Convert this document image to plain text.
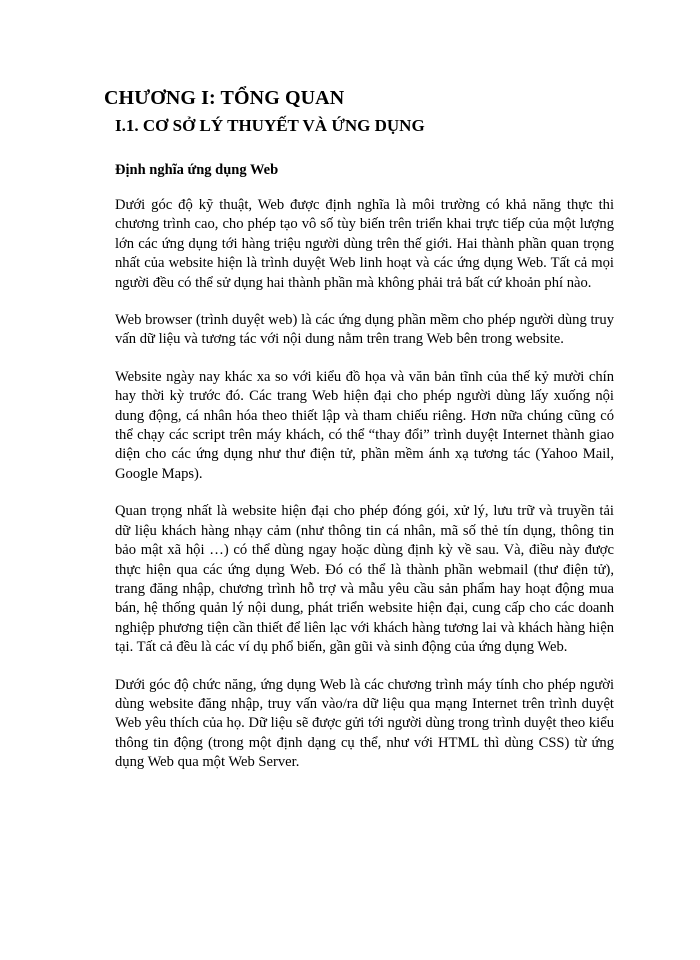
CHƯƠNG I: TỔNG QUAN
I.1. CƠ SỞ LÝ THUYẾT VÀ ỨNG DỤNG
Định nghĩa ứng dụng Web

Dưới góc độ kỹ thuật, Web được định nghĩa là môi trường có khả năng thực thi chương trình cao, cho phép tạo vô số tùy biến trên triển khai trực tiếp của một lượng lớn các ứng dụng tới hàng triệu người dùng trên thế giới. Hai thành phần quan trọng nhất của website hiện là trình duyệt Web linh hoạt và các ứng dụng Web. Tất cả mọi người đều có thể sử dụng hai thành phần mà không phải trả bất cứ khoản phí nào.

Web browser (trình duyệt web) là các ứng dụng phần mềm cho phép người dùng truy vấn dữ liệu và tương tác với nội dung nằm trên trang Web bên trong website.

Website ngày nay khác xa so với kiểu đồ họa và văn bản tĩnh của thế kỷ mười chín hay thời kỳ trước đó. Các trang Web hiện đại cho phép người dùng lấy xuống nội dung động, cá nhân hóa theo thiết lập và tham chiếu riêng. Hơn nữa chúng cũng có thể chạy các script trên máy khách, có thể “thay đổi” trình duyệt Internet thành giao diện cho các ứng dụng như thư điện tử, phần mềm ánh xạ tương tác (Yahoo Mail, Google Maps).

Quan trọng nhất là website hiện đại cho phép đóng gói, xử lý, lưu trữ và truyền tải dữ liệu khách hàng nhạy cảm (như thông tin cá nhân, mã số thẻ tín dụng, thông tin bảo mật xã hội …) có thể dùng ngay hoặc dùng định kỳ về sau. Và, điều này được thực hiện qua các ứng dụng Web. Đó có thể là thành phần webmail (thư điện tử), trang đăng nhập, chương trình hỗ trợ và mẫu yêu cầu sản phẩm hay hoạt động mua bán, hệ thống quản lý nội dung, phát triển website hiện đại, cung cấp cho các doanh nghiệp phương tiện cần thiết để liên lạc với khách hàng tương lai và khách hàng hiện tại. Tất cả đều là các ví dụ phổ biến, gần gũi và sinh động của ứng dụng Web.

Dưới góc độ chức năng, ứng dụng Web là các chương trình máy tính cho phép người dùng website đăng nhập, truy vấn vào/ra dữ liệu qua mạng Internet trên trình duyệt Web yêu thích của họ. Dữ liệu sẽ được gửi tới người dùng trong trình duyệt theo kiểu thông tin động (trong một định dạng cụ thể, như với HTML thì dùng CSS) từ ứng dụng Web qua một Web Server.
